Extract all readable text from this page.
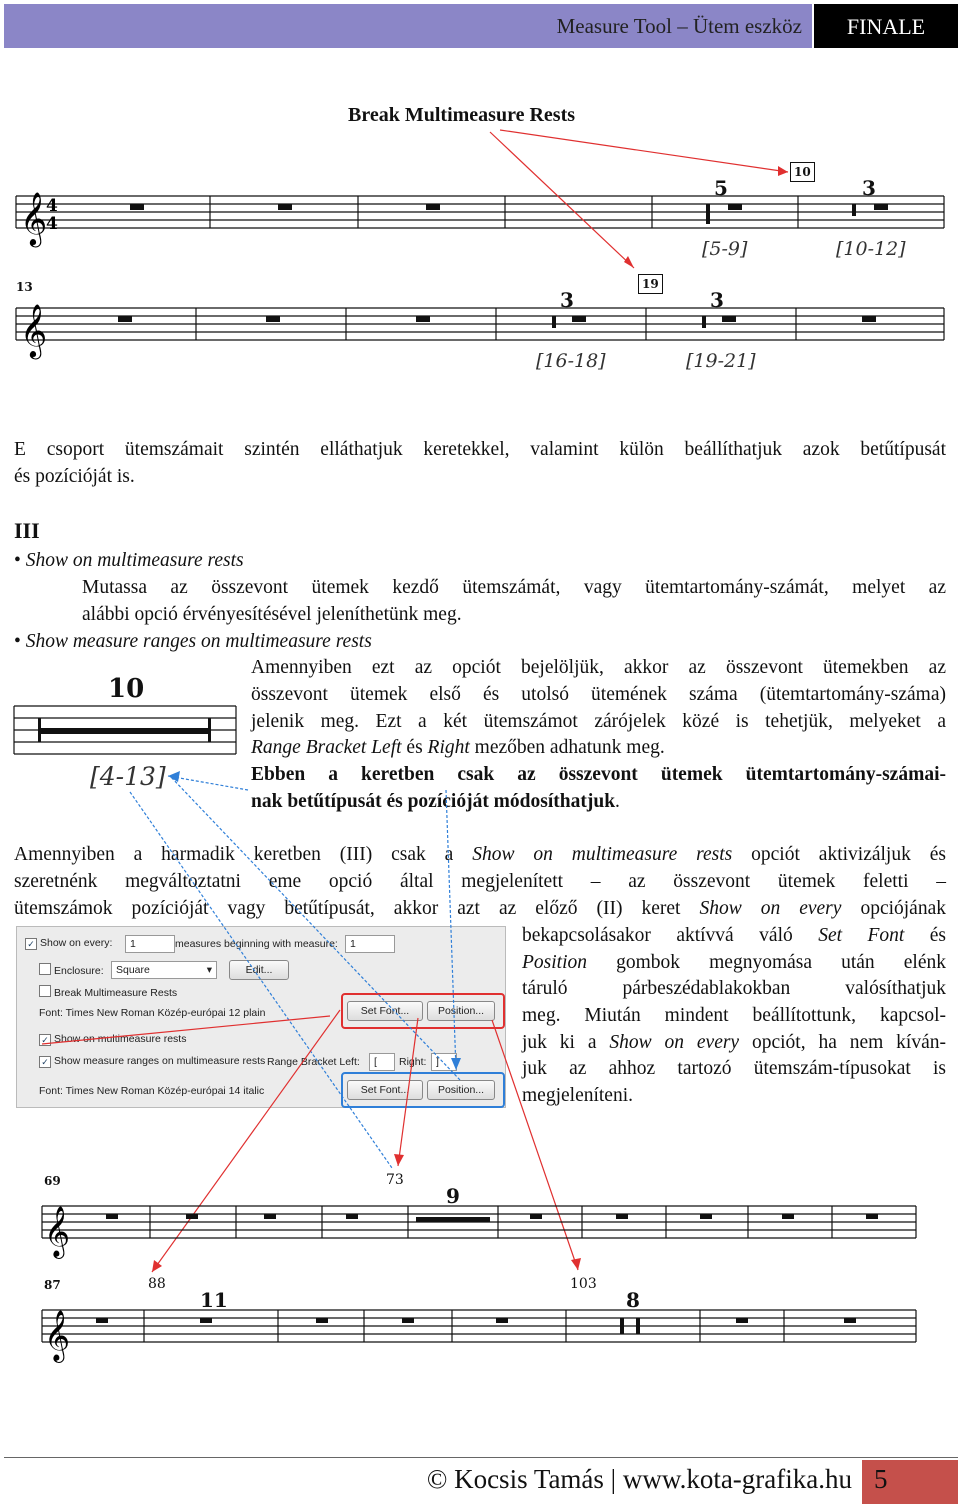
Measure Tool – Ütem eszköz	FINALE
Break Multimeasure Rests
𝄞
4
4
𝄞
5	3
[5-9]	[10-12]
10
13
3	3
[16-18]	[19-21]
19

E csoport ütemszámait szintén elláthatjuk keretekkel, valamint külön beállíthatjuk azok betűtípusát

és pozícióját is.

III
• Show on multimeasure rests

Mutassa az összevont ütemek kezdő ütemszámát, vagy ütemtartomány-számát, melyet az

alábbi opció érvényesítésével jeleníthetünk meg.

• Show measure ranges on multimeasure rests

Amennyiben ezt az opciót bejelöljük, akkor az összevont ütemekben az

összevont ütemek első és utolsó ütemének száma (ütemtartomány-száma)

jelenik meg. Ezt a két ütemszámot zárójelek közé is tehetjük, melyeket a

Range Bracket Left és Right mezőben adhatunk meg.

Ebben a keretben csak az összevont ütemek ütemtartomány-számai-

nak betűtípusát és pozícióját módosíthatjuk.

10
[4-13]

Amennyiben a harmadik keretben (III) csak a Show on multimeasure rests opciót aktivizáljuk és

szeretnénk megváltoztatni eme opció által megjelenített – az összevont ütemek feletti –

ütemszámok pozícióját vagy betűtípusát, akkor azt az előző (II) keret Show on every opciójának

✓ Show on every:	1	measures beginning with measure:	1
Enclosure:	Square	▾	Edit...
Break Multimeasure Rests
Font: Times New Roman Közép-európai 12 plain	Set Font...	Position...
✓ Show on multimeasure rests
✓ Show measure ranges on multimeasure rests Range Bracket Left:	[	Right: ]
Font: Times New Roman Közép-európai 14 italic	Set Font...	Position...

bekapcsolásakor aktívvá váló Set Font és

Position gombok megnyomása után elénk

táruló párbeszédablakokban valósíthatjuk

meg. Miután mindent beállítottunk, kapcsol-

juk ki a Show on every opciót, ha nem kíván-

juk az ahhoz tartozó ütemszám-típusokat is

megjeleníteni.

𝄞
𝄞
69	73
9
87	88
11
103
8
© Kocsis Tamás | www.kota-grafika.hu 5
